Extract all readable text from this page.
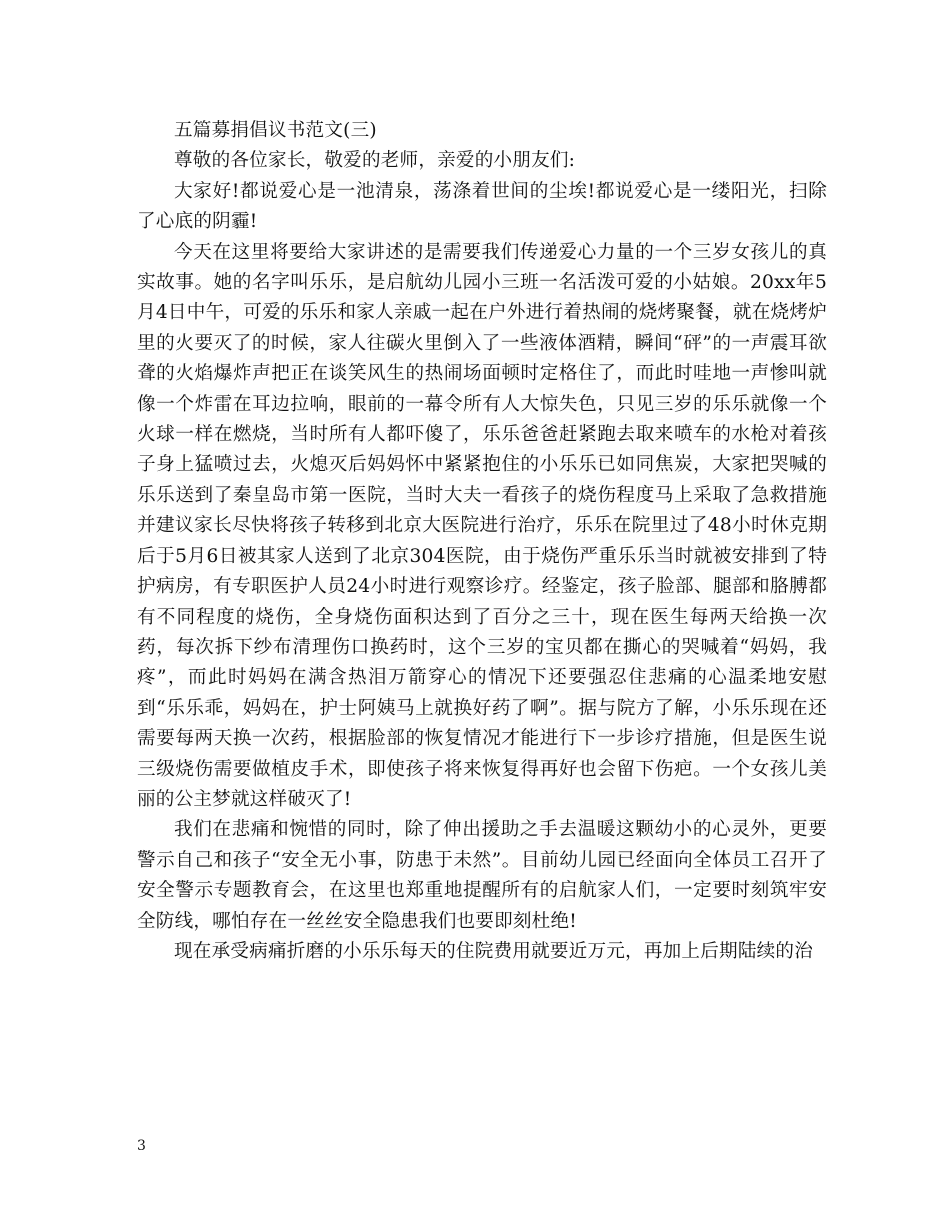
五篇募捐倡议书范文(三)

尊敬的各位家长，敬爱的老师，亲爱的小朋友们:

大家好!都说爱心是一池清泉，荡涤着世间的尘埃!都说爱心是一缕阳光，扫除了心底的阴霾!

今天在这里将要给大家讲述的是需要我们传递爱心力量的一个三岁女孩儿的真实故事。她的名字叫乐乐，是启航幼儿园小三班一名活泼可爱的小姑娘。20xx年5月4日中午，可爱的乐乐和家人亲戚一起在户外进行着热闹的烧烤聚餐，就在烧烤炉里的火要灭了的时候，家人往碳火里倒入了一些液体酒精，瞬间“砰”的一声震耳欲聋的火焰爆炸声把正在谈笑风生的热闹场面顿时定格住了，而此时哇地一声惨叫就像一个炸雷在耳边拉响，眼前的一幕令所有人大惊失色，只见三岁的乐乐就像一个火球一样在燃烧，当时所有人都吓傻了，乐乐爸爸赶紧跑去取来喷车的水枪对着孩子身上猛喷过去，火熄灭后妈妈怀中紧紧抱住的小乐乐已如同焦炭，大家把哭喊的乐乐送到了秦皇岛市第一医院，当时大夫一看孩子的烧伤程度马上采取了急救措施并建议家长尽快将孩子转移到北京大医院进行治疗，乐乐在院里过了48小时休克期后于5月6日被其家人送到了北京304医院，由于烧伤严重乐乐当时就被安排到了特护病房，有专职医护人员24小时进行观察诊疗。经鉴定，孩子脸部、腿部和胳膊都有不同程度的烧伤，全身烧伤面积达到了百分之三十，现在医生每两天给换一次药，每次拆下纱布清理伤口换药时，这个三岁的宝贝都在撕心的哭喊着“妈妈，我疼”，而此时妈妈在满含热泪万箭穿心的情况下还要强忍住悲痛的心温柔地安慰到“乐乐乖，妈妈在，护士阿姨马上就换好药了啊”。据与院方了解，小乐乐现在还需要每两天换一次药，根据脸部的恢复情况才能进行下一步诊疗措施，但是医生说三级烧伤需要做植皮手术，即使孩子将来恢复得再好也会留下伤疤。一个女孩儿美丽的公主梦就这样破灭了!

我们在悲痛和惋惜的同时，除了伸出援助之手去温暖这颗幼小的心灵外，更要警示自己和孩子“安全无小事，防患于未然”。目前幼儿园已经面向全体员工召开了安全警示专题教育会，在这里也郑重地提醒所有的启航家人们，一定要时刻筑牢安全防线，哪怕存在一丝丝安全隐患我们也要即刻杜绝!

现在承受病痛折磨的小乐乐每天的住院费用就要近万元，再加上后期陆续的治

3
